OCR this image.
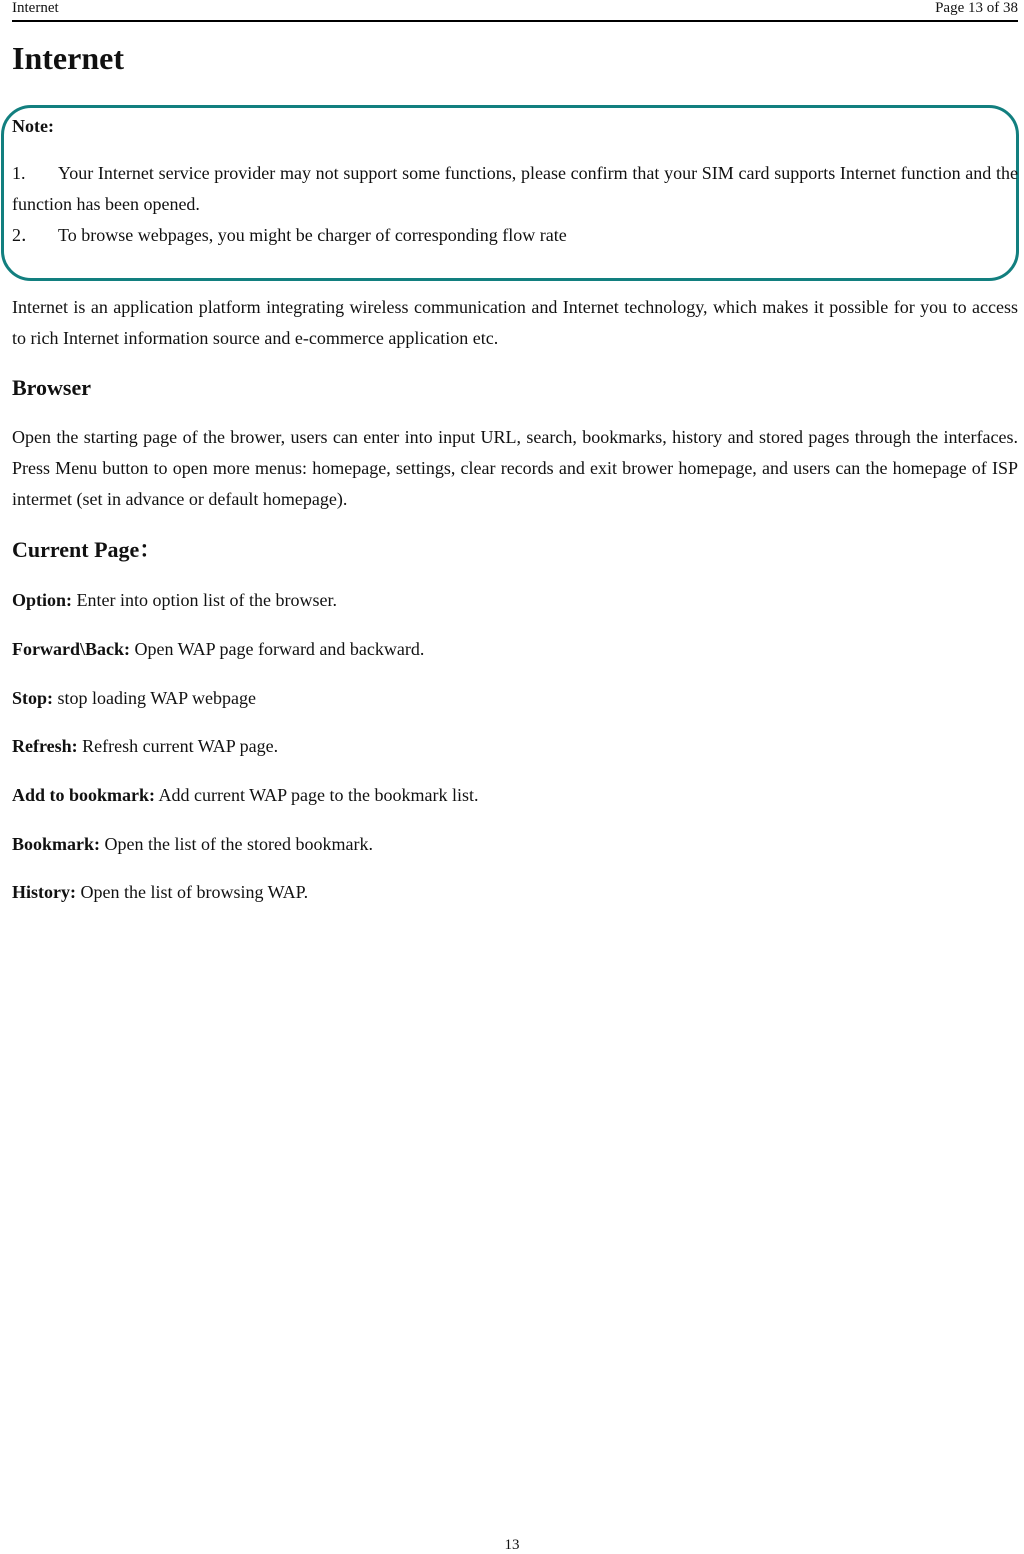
Internet	Page 13 of 38
Internet
Note:
1. Your Internet service provider may not support some functions, please confirm that your SIM card supports Internet function and the function has been opened.
2． To browse webpages, you might be charger of corresponding flow rate

Internet is an application platform integrating wireless communication and Internet technology, which makes it possible for you to access to rich Internet information source and e-commerce application etc.

Browser

Open the starting page of the brower, users can enter into input URL, search, bookmarks, history and stored pages through the interfaces. Press Menu button to open more menus: homepage, settings, clear records and exit brower homepage, and users can the homepage of ISP intermet (set in advance or default homepage).

Current Page：
Option: Enter into option list of the browser.
Forward\Back: Open WAP page forward and backward.
Stop: stop loading WAP webpage
Refresh: Refresh current WAP page.
Add to bookmark: Add current WAP page to the bookmark list.
Bookmark: Open the list of the stored bookmark.
History: Open the list of browsing WAP.
13
